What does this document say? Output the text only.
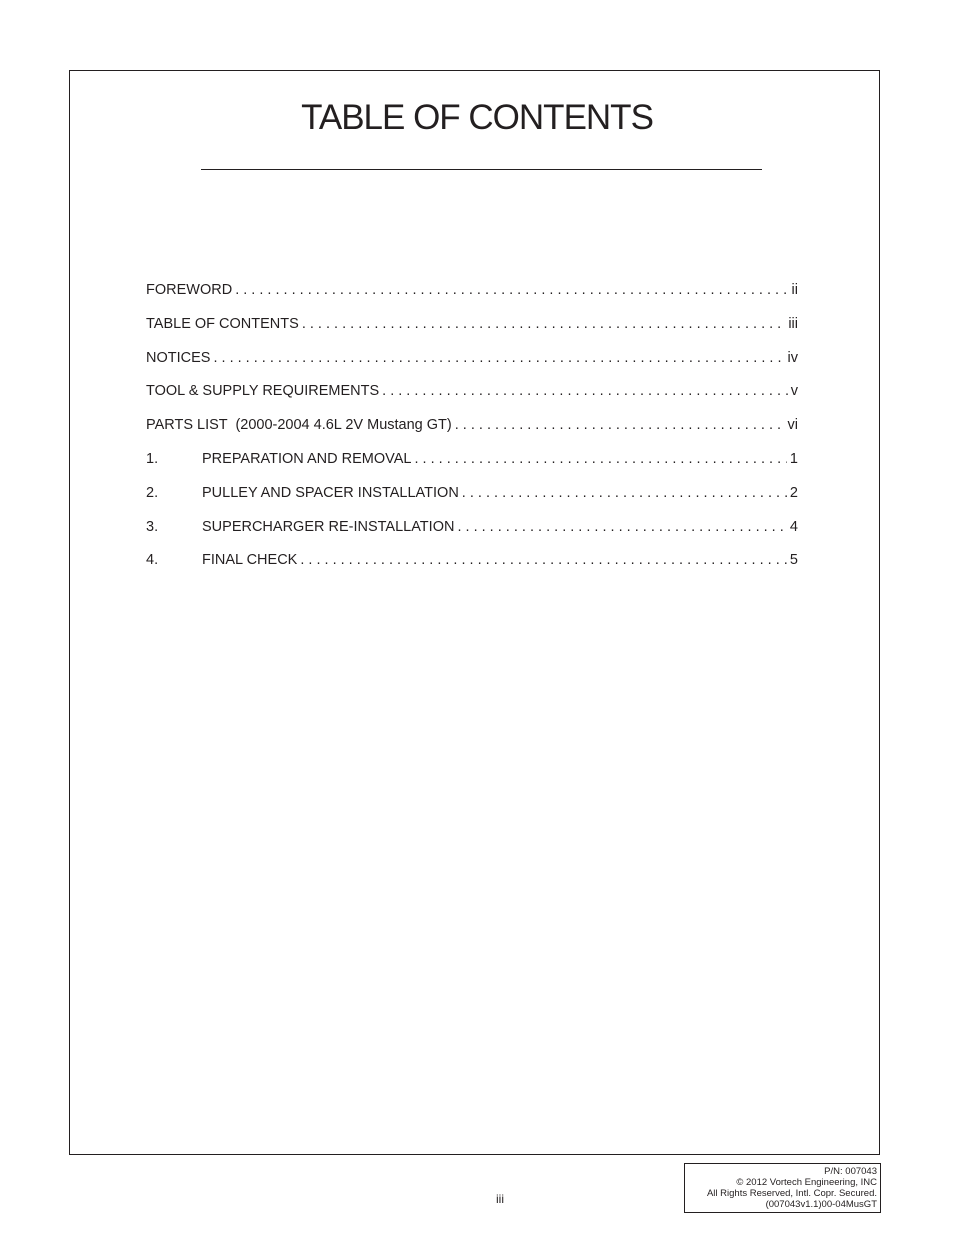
TABLE OF CONTENTS
FOREWORD . . .	ii
TABLE OF CONTENTS . . .	iii
NOTICES . . .	iv
TOOL & SUPPLY REQUIREMENTS . . .	v
PARTS LIST  (2000-2004 4.6L 2V Mustang GT) . . .	vi
1.	PREPARATION AND REMOVAL . . .	1
2.	PULLEY AND SPACER INSTALLATION . . .	2
3.	SUPERCHARGER RE-INSTALLATION . . .	4
4.	FINAL CHECK . . .	5
iii
P/N: 007043
© 2012 Vortech Engineering, INC
All Rights Reserved, Intl. Copr. Secured.
(007043v1.1)00-04MusGT
